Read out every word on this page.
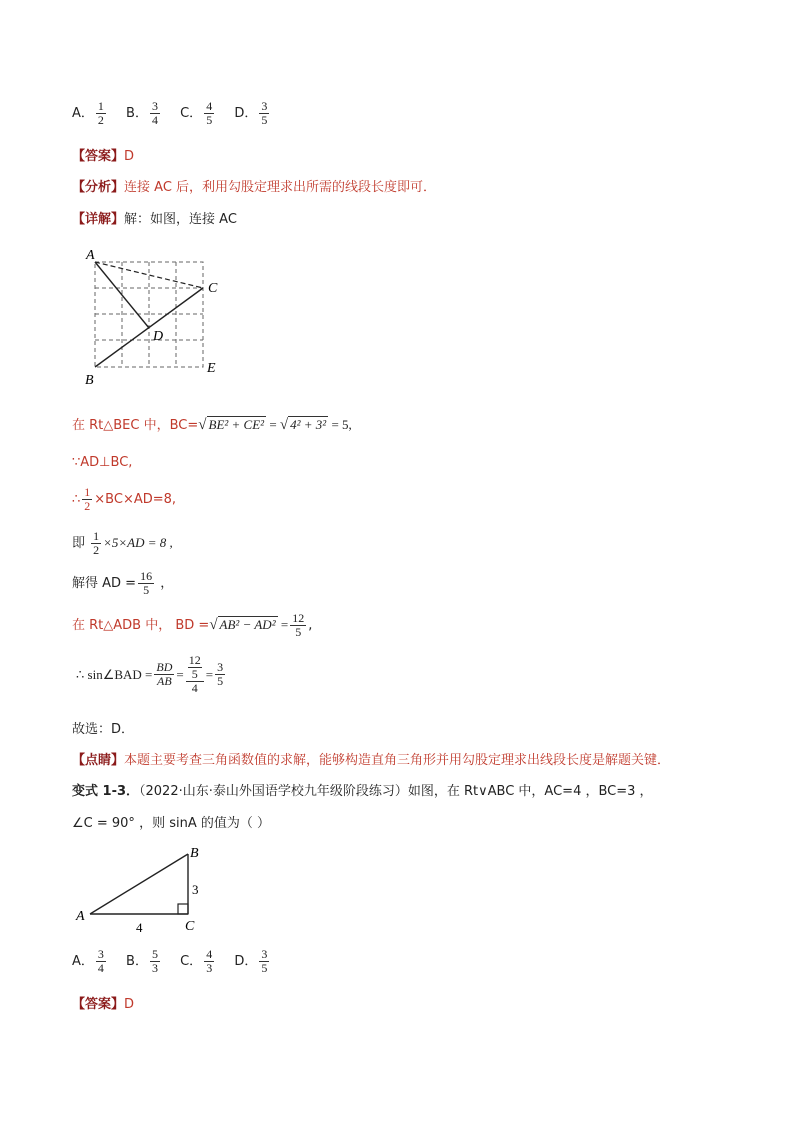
A． $\frac{1}{2}$ B． $\frac{3}{4}$ C． $\frac{4}{5}$ D． $\frac{3}{5}$
【答案】D
【分析】连接 AC 后，利用勾股定理求出所需的线段长度即可．
【详解】解：如图，连接 AC
A
C
D
B
E
在 Rt△BEC 中，BC=√ BE² + CE² = √ 4² + 3² = 5,
∵AD⊥BC,
∴ $\frac{1}{2} \times BC\times AD=8$,
即 $\frac{1}{2} \times 5\times AD = 8$ ,
解得 AD = $\frac{16}{5}$ ，
在 Rt△ADB 中， BD =√ $AB^2 - AD^2 = \frac{12}{5}$ ,
∴ sin∠BAD = $\frac{BD}{AB} = 12$
5
$4 = \frac{3}{5}$
故选：D．
【点睛】本题主要考查三角函数值的求解，能够构造直角三角形并用勾股定理求出线段长度是解题关键．
变式 1-3．（2022·山东·泰山外国语学校九年级阶段练习）如图，在 Rt∨ABC 中，AC=4 ，BC=3 ，
∠C = 90° ，则 sinA 的值为（ ）
A
B
C
3
4
A． $\frac{3}{4}$ B． $\frac{5}{3}$ C． $\frac{4}{3}$ D． $\frac{3}{5}$
【答案】D
